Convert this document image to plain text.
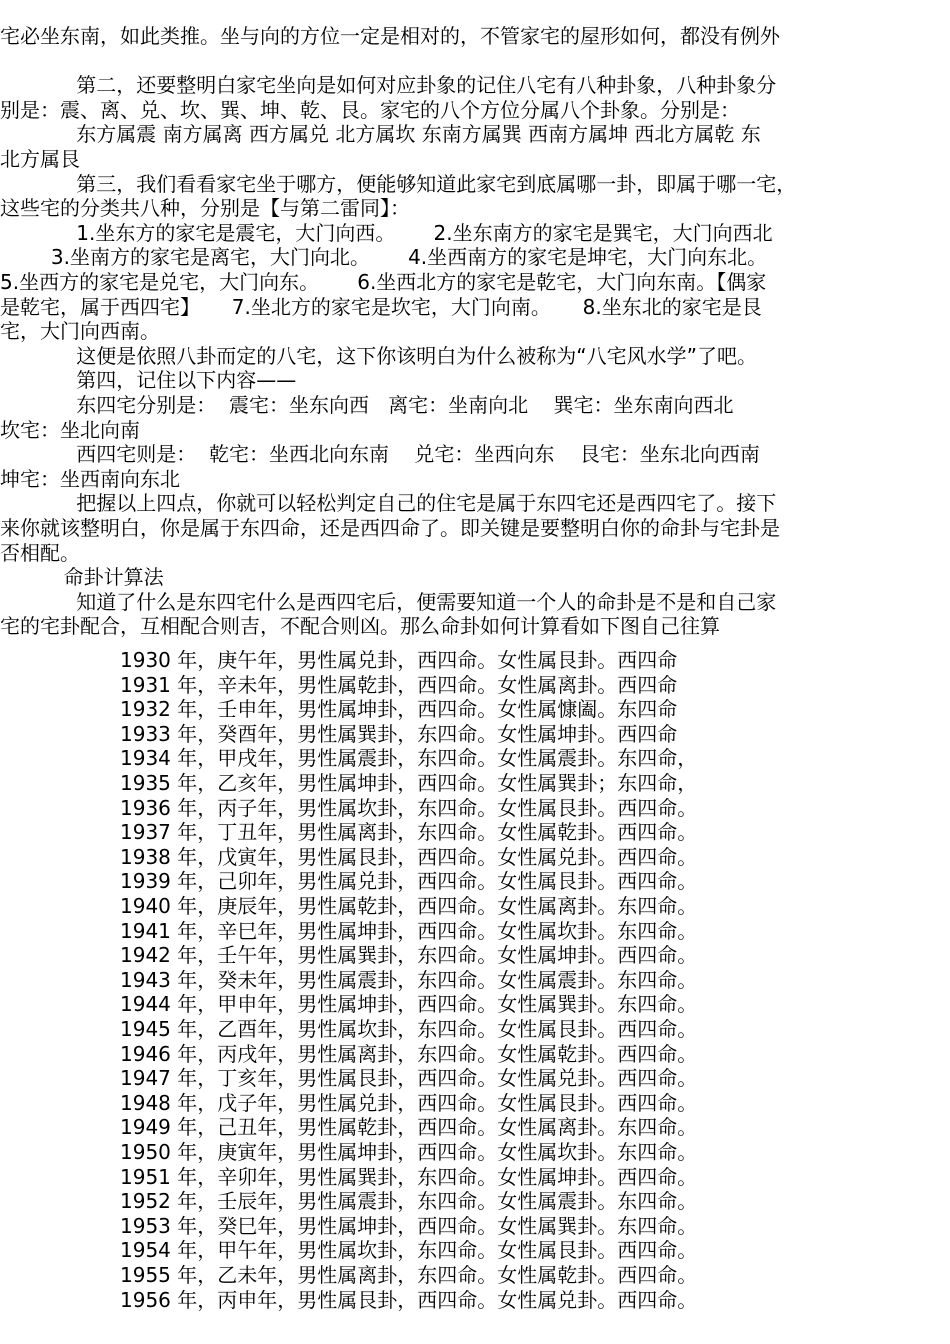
宅必坐东南，如此类推。坐与向的方位一定是相对的，不管家宅的屋形如何，都没有例外
第二，还要整明白家宅坐向是如何对应卦象的记住八宅有八种卦象，八种卦象分
别是：震、离、兑、坎、巽、坤、乾、艮。家宅的八个方位分属八个卦象。分别是：
东方属震 南方属离 西方属兑 北方属坎 东南方属巽 西南方属坤 西北方属乾 东
北方属艮
第三，我们看看家宅坐于哪方，便能够知道此家宅到底属哪一卦，即属于哪一宅，
这些宅的分类共八种，分别是【与第二雷同】：
1.坐东方的家宅是震宅，大门向西。      2.坐东南方的家宅是巽宅，大门向西北
3.坐南方的家宅是离宅，大门向北。      4.坐西南方的家宅是坤宅，大门向东北。
5.坐西方的家宅是兑宅，大门向东。      6.坐西北方的家宅是乾宅，大门向东南。【偶家
是乾宅，属于西四宅】     7.坐北方的家宅是坎宅，大门向南。     8.坐东北的家宅是艮
宅，大门向西南。
这便是依照八卦而定的八宅，这下你该明白为什么被称为“八宅风水学”了吧。
第四，记住以下内容——
东四宅分别是：  震宅：坐东向西   离宅：坐南向北    巽宅：坐东南向西北
坎宅：坐北向南
西四宅则是：  乾宅：坐西北向东南    兑宅：坐西向东    艮宅：坐东北向西南
坤宅：坐西南向东北
把握以上四点，你就可以轻松判定自己的住宅是属于东四宅还是西四宅了。接下
来你就该整明白，你是属于东四命，还是西四命了。即关键是要整明白你的命卦与宅卦是
否相配。
命卦计算法
知道了什么是东四宅什么是西四宅后，便需要知道一个人的命卦是不是和自己家
宅的宅卦配合，互相配合则吉，不配合则凶。那么命卦如何计算看如下图自己往算
1930 年，庚午年，男性属兑卦，西四命。女性属艮卦。西四命
1931 年，辛未年，男性属乾卦，西四命。女性属离卦。西四命
1932 年，壬申年，男性属坤卦，西四命。女性属慷阖。东四命
1933 年，癸酉年，男性属巽卦，东四命。女性属坤卦。西四命
1934 年，甲戌年，男性属震卦，东四命。女性属震卦。东四命，
1935 年，乙亥年，男性属坤卦，西四命。女性属巽卦；东四命，
1936 年，丙子年，男性属坎卦，东四命。女性属艮卦。西四命。
1937 年，丁丑年，男性属离卦，东四命。女性属乾卦。西四命。
1938 年，戊寅年，男性属艮卦，西四命。女性属兑卦。西四命。
1939 年，己卯年，男性属兑卦，西四命。女性属艮卦。西四命。
1940 年，庚辰年，男性属乾卦，西四命。女性属离卦。东四命。
1941 年，辛巳年，男性属坤卦，西四命。女性属坎卦。东四命。
1942 年，壬午年，男性属巽卦，东四命。女性属坤卦。西四命。
1943 年，癸未年，男性属震卦，东四命。女性属震卦。东四命。
1944 年，甲申年，男性属坤卦，西四命。女性属巽卦。东四命。
1945 年，乙酉年，男性属坎卦，东四命。女性属艮卦。西四命。
1946 年，丙戌年，男性属离卦，东四命。女性属乾卦。西四命。
1947 年，丁亥年，男性属艮卦，西四命。女性属兑卦。西四命。
1948 年，戊子年，男性属兑卦，西四命。女性属艮卦。西四命。
1949 年，己丑年，男性属乾卦，西四命。女性属离卦。东四命。
1950 年，庚寅年，男性属坤卦，西四命。女性属坎卦。东四命。
1951 年，辛卯年，男性属巽卦，东四命。女性属坤卦。西四命。
1952 年，壬辰年，男性属震卦，东四命。女性属震卦。东四命。
1953 年，癸巳年，男性属坤卦，西四命。女性属巽卦。东四命。
1954 年，甲午年，男性属坎卦，东四命。女性属艮卦。西四命。
1955 年，乙未年，男性属离卦，东四命。女性属乾卦。西四命。
1956 年，丙申年，男性属艮卦，西四命。女性属兑卦。西四命。
